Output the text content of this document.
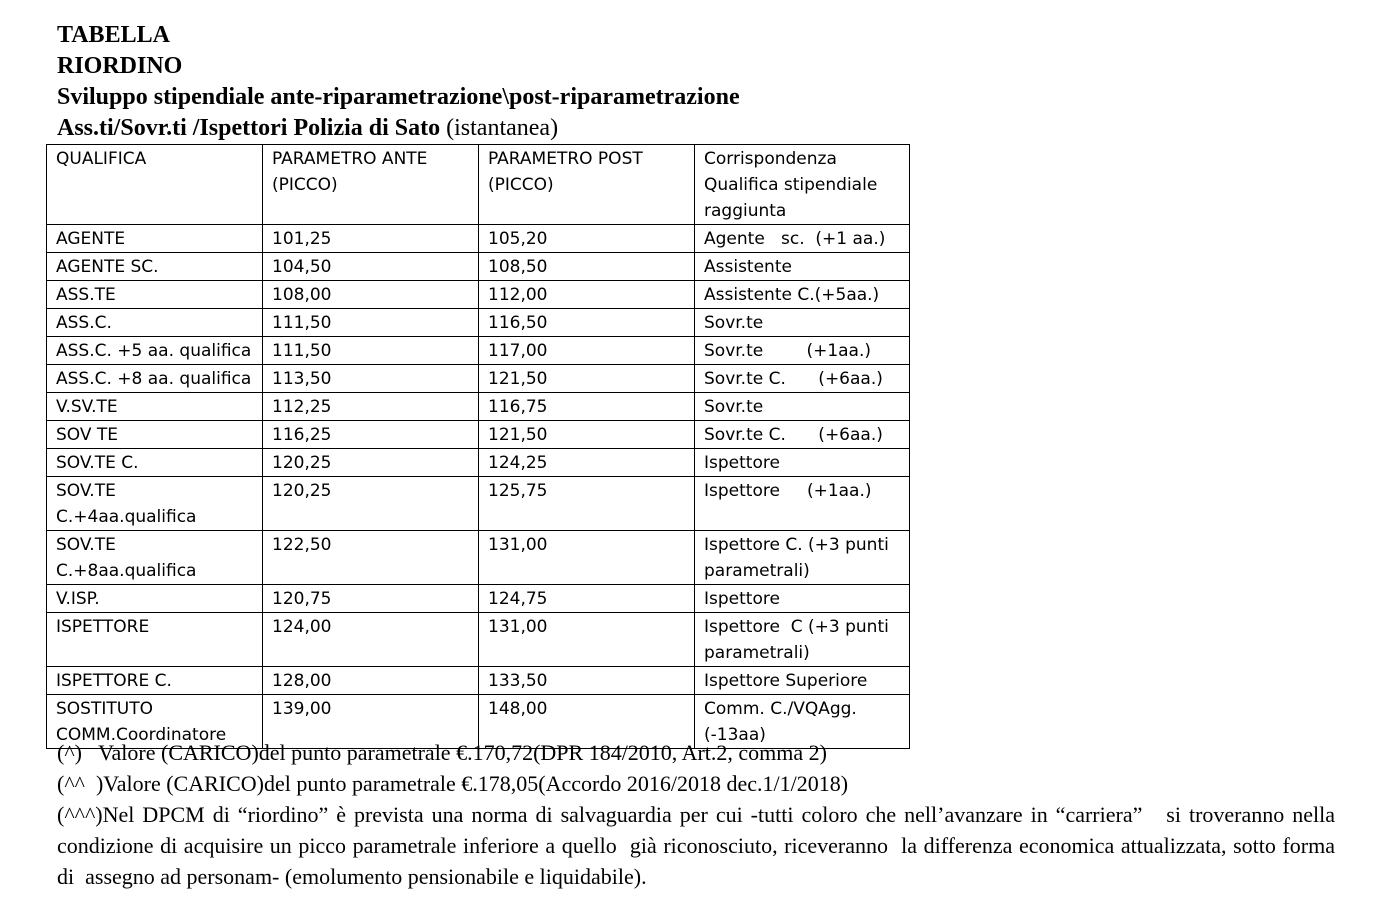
TABELLA
RIORDINO
Sviluppo stipendiale ante-riparametrazione\post-riparametrazione
Ass.ti/Sovr.ti /Ispettori Polizia di Sato (istantanea)
QUALIFICA	PARAMETRO ANTE (PICCO)	PARAMETRO POST (PICCO)	Corrispondenza Qualifica stipendiale raggiunta
AGENTE	101,25	105,20	Agente   sc.  (+1 aa.)
AGENTE SC.	104,50	108,50	Assistente
ASS.TE	108,00	112,00	Assistente C.(+5aa.)
ASS.C.	111,50	116,50	Sovr.te
ASS.C. +5 aa. qualifica	111,50	117,00	Sovr.te        (+1aa.)
ASS.C. +8 aa. qualifica	113,50	121,50	Sovr.te C.      (+6aa.)
V.SV.TE	112,25	116,75	Sovr.te
SOV TE	116,25	121,50	Sovr.te C.      (+6aa.)
SOV.TE C.	120,25	124,25	Ispettore
SOV.TE C.+4aa.qualifica	120,25	125,75	Ispettore     (+1aa.)
SOV.TE C.+8aa.qualifica	122,50	131,00	Ispettore C. (+3 punti parametrali)
V.ISP.	120,75	124,75	Ispettore
ISPETTORE	124,00	131,00	Ispettore  C (+3 punti parametrali)
ISPETTORE C.	128,00	133,50	Ispettore Superiore
SOSTITUTO COMM.Coordinatore	139,00	148,00	Comm. C./VQAgg.  (-13aa)

(^)   Valore (CARICO)del punto parametrale €.170,72(DPR 184/2010, Art.2, comma 2)

(^^  )Valore (CARICO)del punto parametrale €.178,05(Accordo 2016/2018 dec.1/1/2018)

(^^^)Nel DPCM di “riordino” è prevista una norma di salvaguardia per cui -tutti coloro che nell’avanzare in “carriera”   si troveranno nella condizione di acquisire un picco parametrale inferiore a quello  già riconosciuto, riceveranno  la differenza economica attualizzata, sotto forma di  assegno ad personam- (emolumento pensionabile e liquidabile).
